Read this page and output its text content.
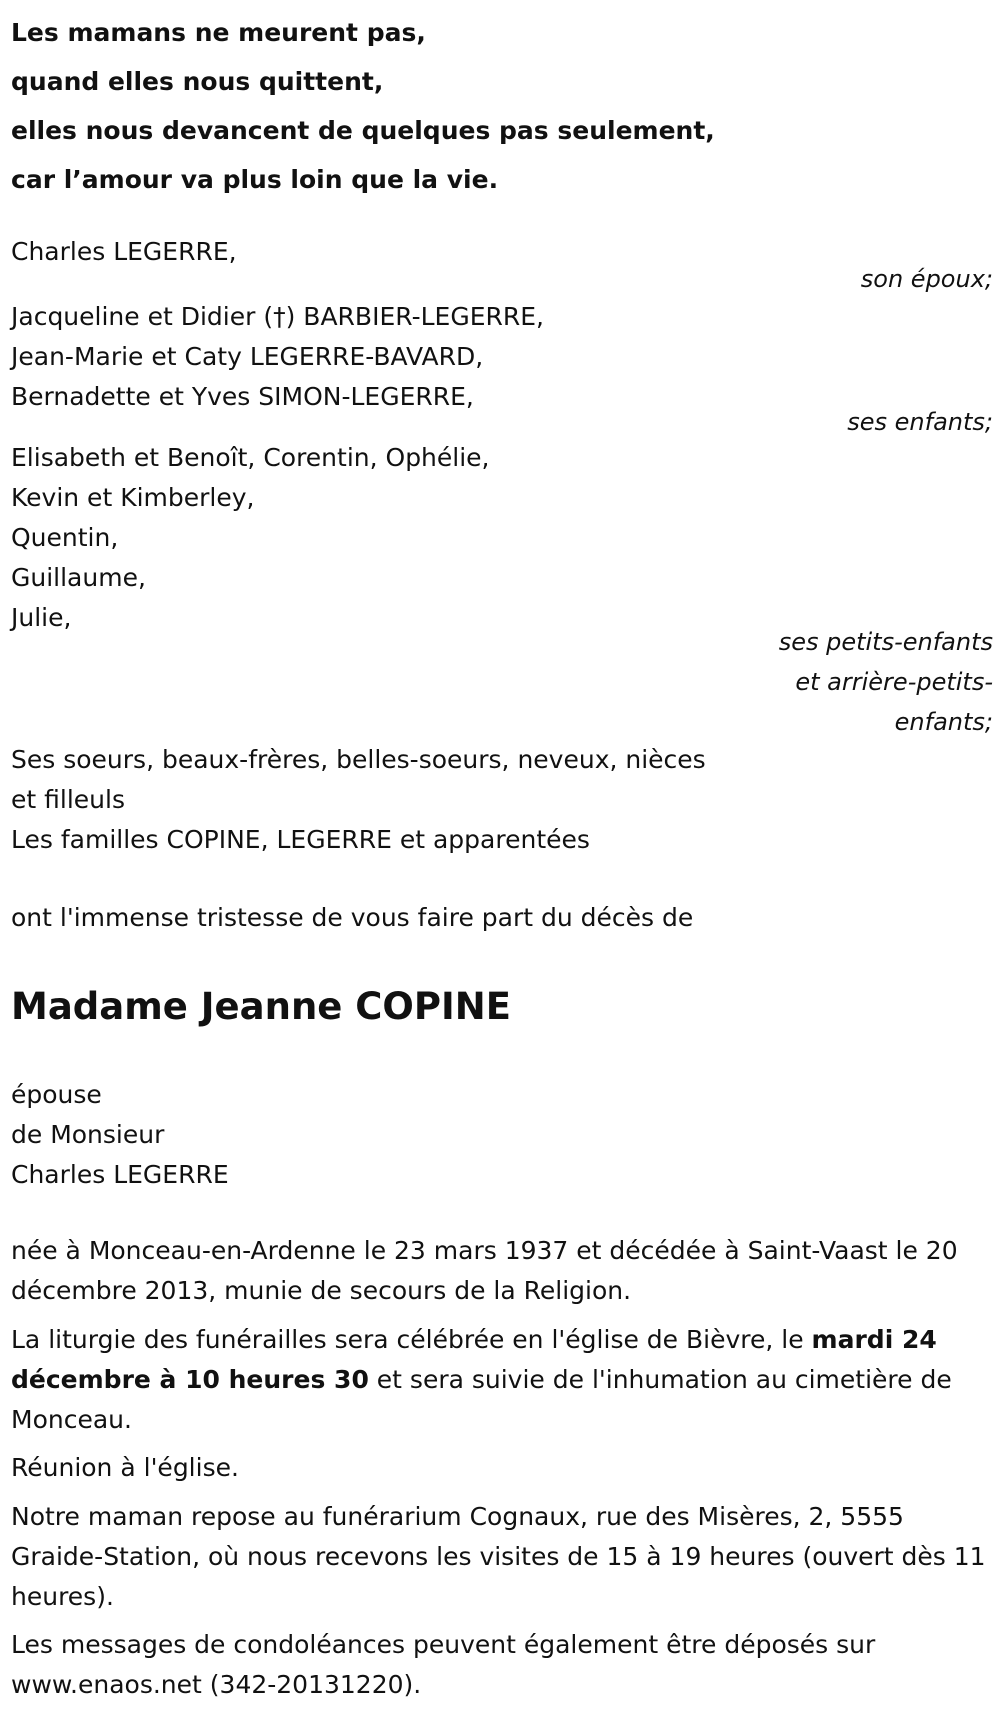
Les mamans ne meurent pas,
quand elles nous quittent,
elles nous devancent de quelques pas seulement,
car l’amour va plus loin que la vie.
Charles LEGERRE,
son époux;
Jacqueline et Didier (†) BARBIER-LEGERRE,
Jean-Marie et Caty LEGERRE-BAVARD,
Bernadette et Yves SIMON-LEGERRE,
ses enfants;
Elisabeth et Benoît, Corentin, Ophélie,
Kevin et Kimberley,
Quentin,
Guillaume,
Julie,
ses petits-enfants
et arrière-petits-
enfants;
Ses soeurs, beaux-frères, belles-soeurs, neveux, nièces
et filleuls
Les familles COPINE, LEGERRE et apparentées
ont l'immense tristesse de vous faire part du décès de
Madame Jeanne COPINE
épouse
de Monsieur
Charles LEGERRE
née à Monceau-en-Ardenne le 23 mars 1937 et décédée à Saint-Vaast le 20 décembre 2013, munie de secours de la Religion.
La liturgie des funérailles sera célébrée en l'église de Bièvre, le mardi 24 décembre à 10 heures 30 et sera suivie de l'inhumation au cimetière de Monceau.
Réunion à l'église.
Notre maman repose au funérarium Cognaux, rue des Misères, 2, 5555 Graide-Station, où nous recevons les visites de 15 à 19 heures (ouvert dès 11 heures).
Les messages de condoléances peuvent également être déposés sur www.enaos.net (342-20131220).
